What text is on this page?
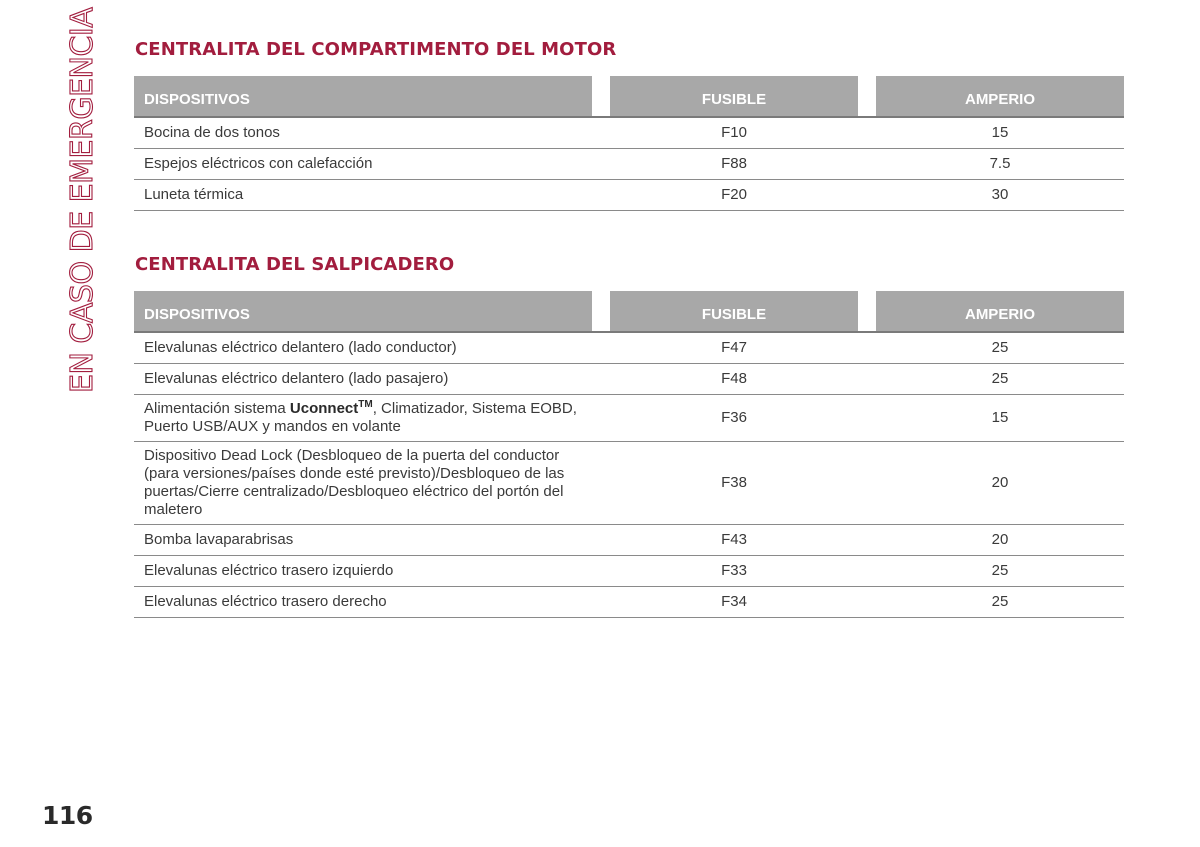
EN CASO DE EMERGENCIA CENTRALITA DEL COMPARTIMENTO DEL MOTOR
DISPOSITIVOS		FUSIBLE		AMPERIO
Bocina de dos tonos		F10		15
Espejos eléctricos con calefacción		F88		7.5
Luneta térmica		F20		30
CENTRALITA DEL SALPICADERO
DISPOSITIVOS		FUSIBLE		AMPERIO
Elevalunas eléctrico delantero (lado conductor)		F47		25
Elevalunas eléctrico delantero (lado pasajero)		F48		25
Alimentación sistema Uconnect™, Climatizador, Sistema EOBD, Puerto USB/AUX y mandos en volante		F36		15
Dispositivo Dead Lock (Desbloqueo de la puerta del conductor (para versiones/países donde esté previsto)/Desbloqueo de las puertas/Cierre centralizado/Desbloqueo eléctrico del portón del maletero		F38		20
Bomba lavaparabrisas		F43		20
Elevalunas eléctrico trasero izquierdo		F33		25
Elevalunas eléctrico trasero derecho		F34		25
116
